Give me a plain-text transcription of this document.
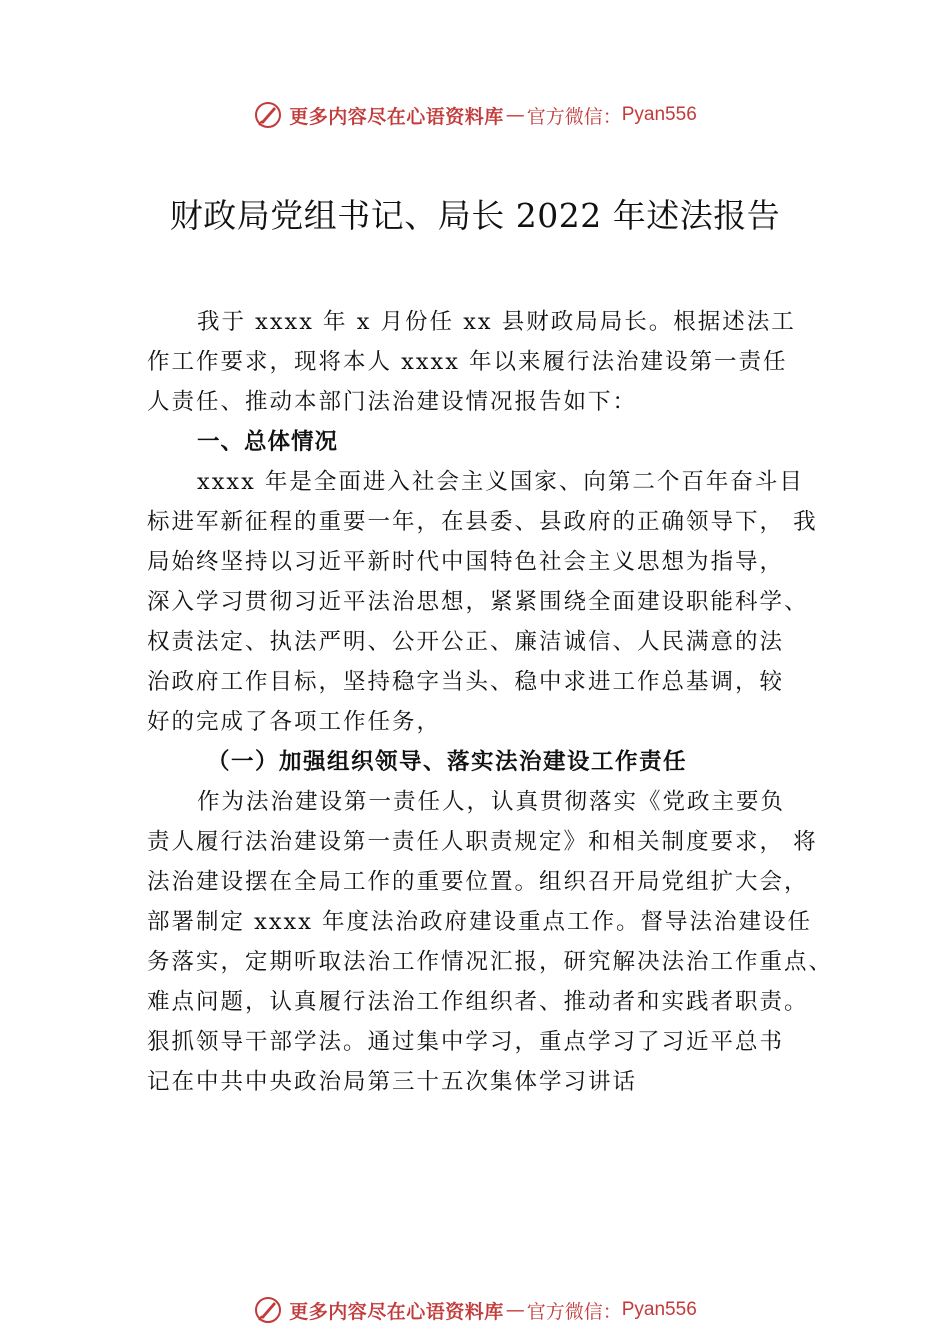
更多内容尽在心语资料库 — 官方微信： Pyan556
财政局党组书记、局长 2022 年述法报告
我于 xxxx 年 x 月份任 xx 县财政局局长。根据述法工
作工作要求，现将本人 xxxx 年以来履行法治建设第一责任
人责任、推动本部门法治建设情况报告如下：
一、总体情况
xxxx 年是全面进入社会主义国家、向第二个百年奋斗目
标进军新征程的重要一年，在县委、县政府的正确领导下， 我
局始终坚持以习近平新时代中国特色社会主义思想为指导，
深入学习贯彻习近平法治思想，紧紧围绕全面建设职能科学、
权责法定、执法严明、公开公正、廉洁诚信、人民满意的法
治政府工作目标，坚持稳字当头、稳中求进工作总基调，较
好的完成了各项工作任务，
（一）加强组织领导、落实法治建设工作责任
作为法治建设第一责任人，认真贯彻落实《党政主要负
责人履行法治建设第一责任人职责规定》和相关制度要求， 将
法治建设摆在全局工作的重要位置。组织召开局党组扩大会，
部署制定 xxxx 年度法治政府建设重点工作。督导法治建设任
务落实，定期听取法治工作情况汇报，研究解决法治工作重点、
难点问题，认真履行法治工作组织者、推动者和实践者职责。
狠抓领导干部学法。通过集中学习，重点学习了习近平总书
记在中共中央政治局第三十五次集体学习讲话
更多内容尽在心语资料库 — 官方微信： Pyan556
